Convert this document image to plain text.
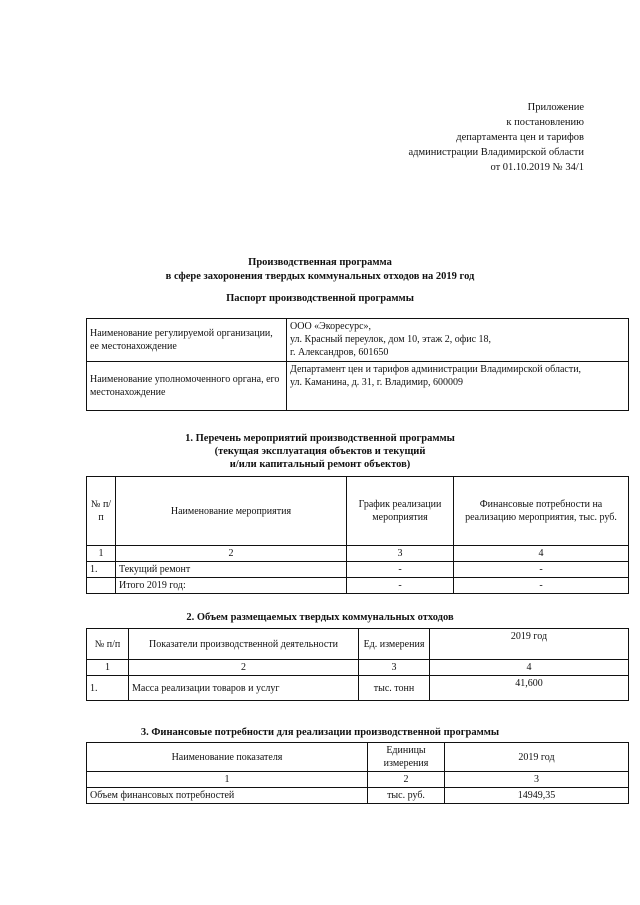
Приложение
к постановлению
департамента цен и тарифов
администрации Владимирской области
от 01.10.2019 № 34/1
Производственная программа
в сфере захоронения твердых коммунальных отходов на 2019 год
Паспорт производственной программы
Наименование регулируемой организации, ее местонахождение	ООО «Экоресурс»,
ул. Красный переулок, дом 10, этаж 2, офис 18,
г. Александров, 601650

Наименование уполномоченного органа, его местонахождение	Департамент цен и тарифов администрации Владимирской области,
ул. Каманина, д. 31, г. Владимир, 600009
1. Перечень мероприятий производственной программы
(текущая эксплуатация объектов и текущий
и/или капитальный ремонт объектов)
№ п/п	Наименование мероприятия	График реализации мероприятия	Финансовые потребности на реализацию мероприятия, тыс. руб.
1	2	3	4
1.	Текущий ремонт	-	-
	Итого 2019 год:	-	-
2. Объем размещаемых твердых коммунальных отходов
№ п/п	Показатели производственной деятельности	Ед. измерения	2019 год
1	2	3	4
1.	Масса реализации товаров и услуг	тыс. тонн	41,600
3. Финансовые потребности для реализации производственной программы
Наименование показателя	Единицы измерения	2019 год
1	2	3
Объем финансовых потребностей	тыс. руб.	14949,35
